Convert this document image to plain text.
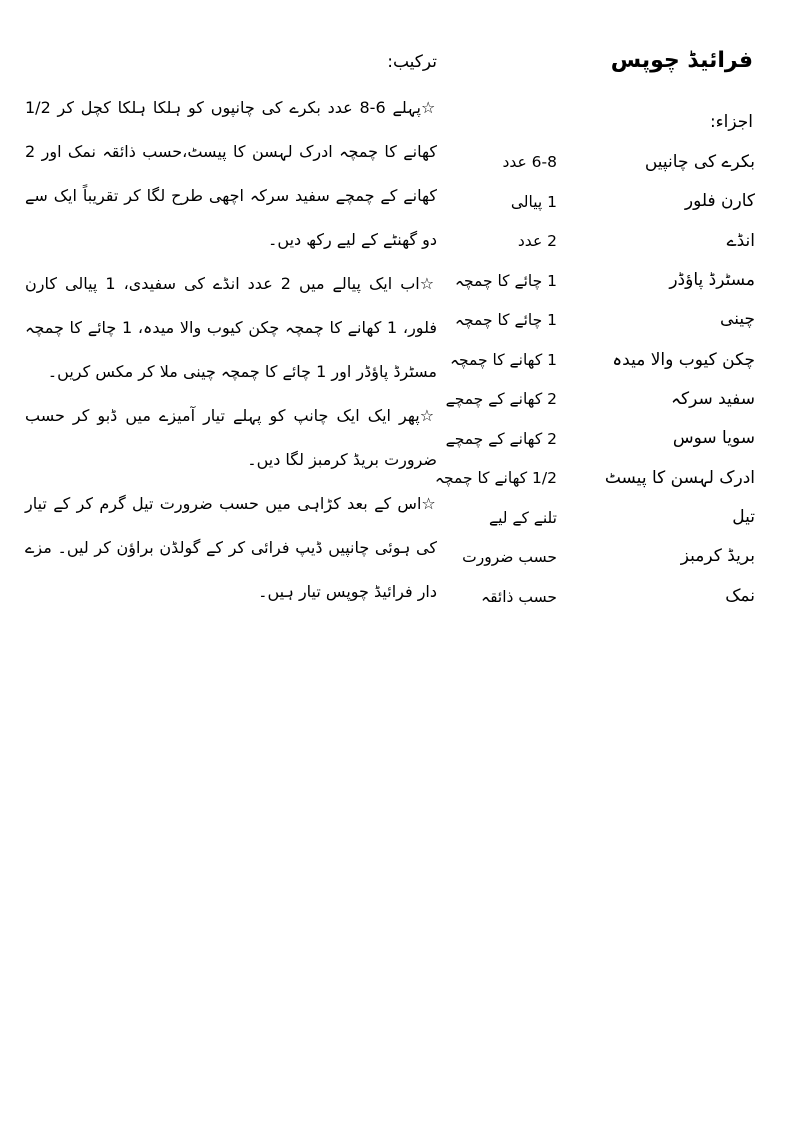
فرائیڈ چوپس
اجزاء:
بکرے کی چانپیں
6-8 عدد
کارن فلور
1 پیالی
انڈے
2 عدد
مسٹرڈ پاؤڈر
1 چائے کا چمچہ
چینی
1 چائے کا چمچہ
چکن کیوب والا میدہ
1 کھانے کا چمچہ
سفید سرکہ
2 کھانے کے چمچے
سویا سوس
2 کھانے کے چمچے
ادرک لہسن کا پیسٹ
1/2 کھانے کا چمچہ
تیل
تلنے کے لیے
بریڈ کرمبز
حسب ضرورت
نمک
حسب ذائقہ
ترکیب:

☆پہلے 6-8 عدد بکرے کی چانپوں کو ہلکا ہلکا کچل کر 1/2 کھانے کا چمچہ ادرک لہسن کا پیسٹ،حسب ذائقہ نمک اور 2 کھانے کے چمچے سفید سرکہ اچھی طرح لگا کر تقریباً ایک سے دو گھنٹے کے لیے رکھ دیں۔

☆اب ایک پیالے میں 2 عدد انڈے کی سفیدی، 1 پیالی کارن فلور، 1 کھانے کا چمچہ چکن کیوب والا میدہ، 1 چائے کا چمچہ مسٹرڈ پاؤڈر اور 1 چائے کا چمچہ چینی ملا کر مکس کریں۔

☆پھر ایک ایک چانپ کو پہلے تیار آمیزے میں ڈبو کر حسب ضرورت بریڈ کرمبز لگا دیں۔

☆اس کے بعد کڑاہی میں حسب ضرورت تیل گرم کر کے تیار کی ہوئی چانپیں ڈیپ فرائی کر کے گولڈن براؤن کر لیں۔ مزے دار فرائیڈ چوپس تیار ہیں۔
